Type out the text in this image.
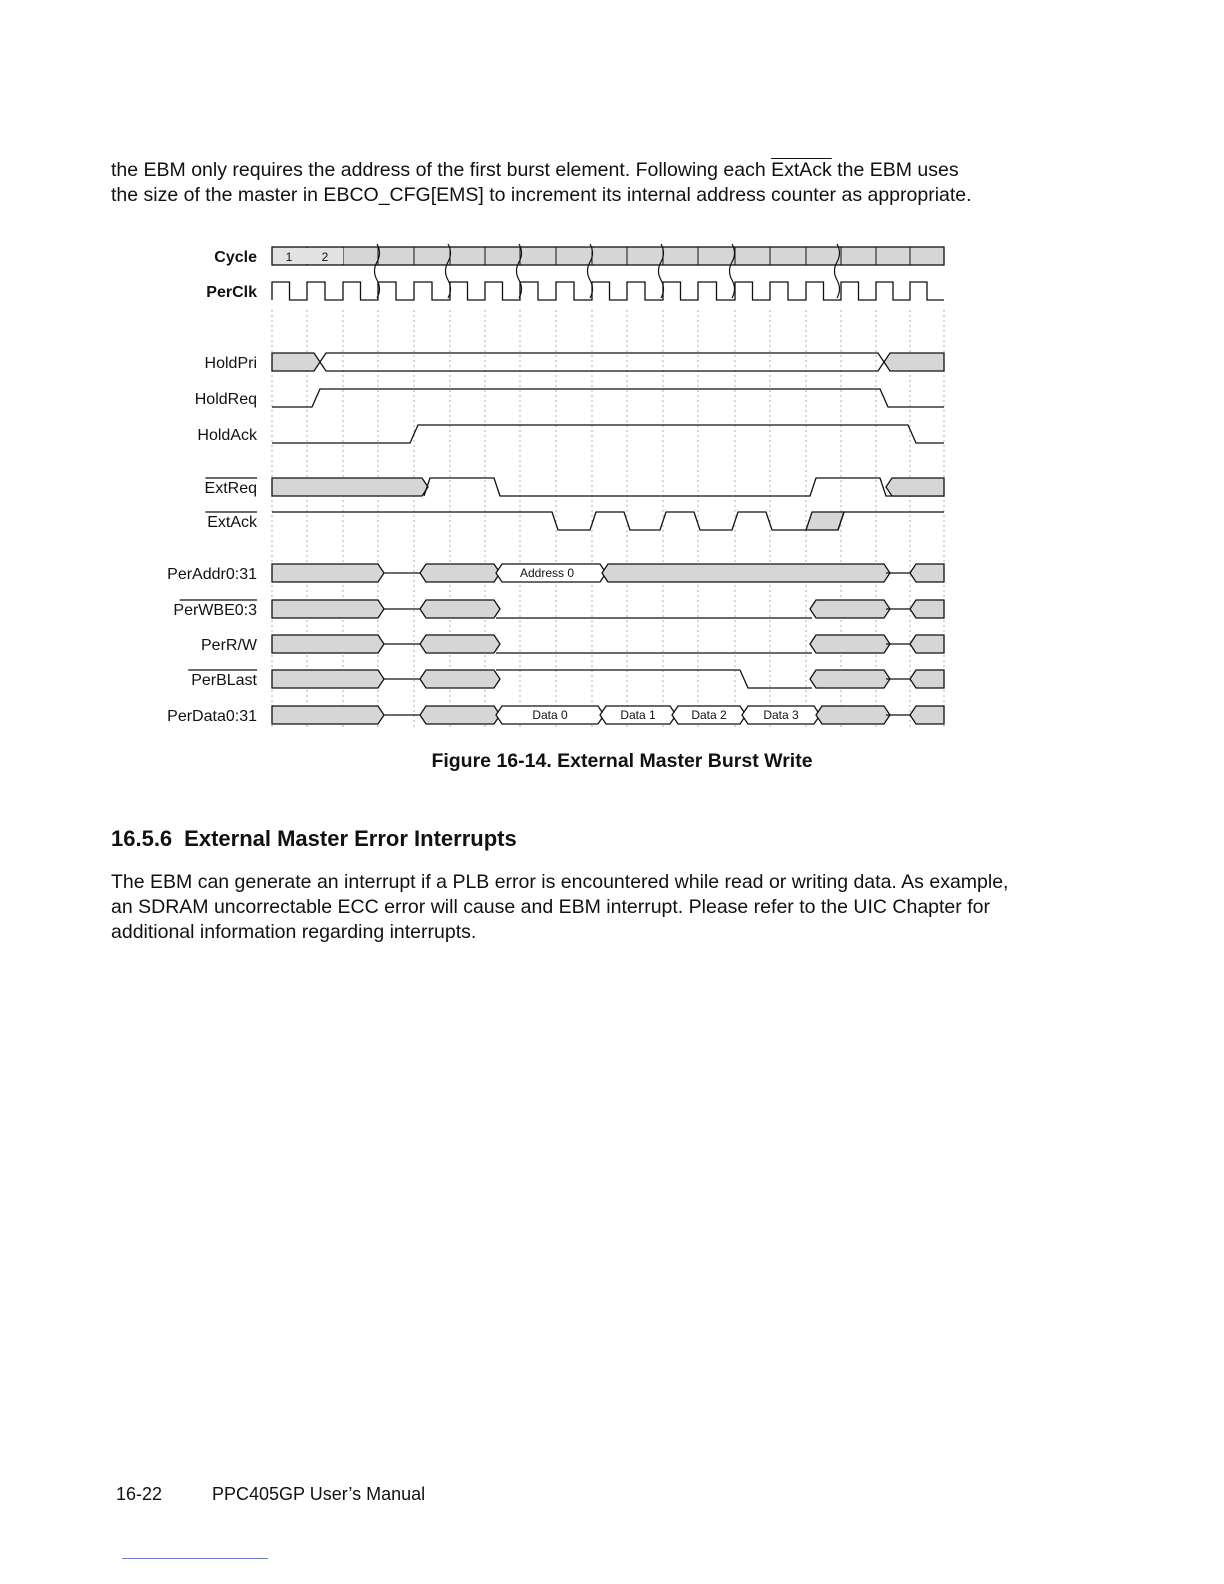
the EBM only requires the address of the first burst element. Following each ExtAck the EBM uses
the size of the master in EBCO_CFG[EMS] to increment its internal address counter as appropriate.

Cycle
PerClk
HoldPri
HoldReq
HoldAck
ExtReq
ExtAck
PerAddr0:31
PerWBE0:3
PerR/W
PerBLast
PerData0:31
1 2
Address 0
Data 0	Data 1	Data 2	Data 3

Figure 16-14. External Master Burst Write

16.5.6 External Master Error Interrupts

The EBM can generate an interrupt if a PLB error is encountered while read or writing data. As example, an SDRAM uncorrectable ECC error will cause and EBM interrupt. Please refer to the UIC Chapter for additional information regarding interrupts.

16-22	PPC405GP User’s Manual
